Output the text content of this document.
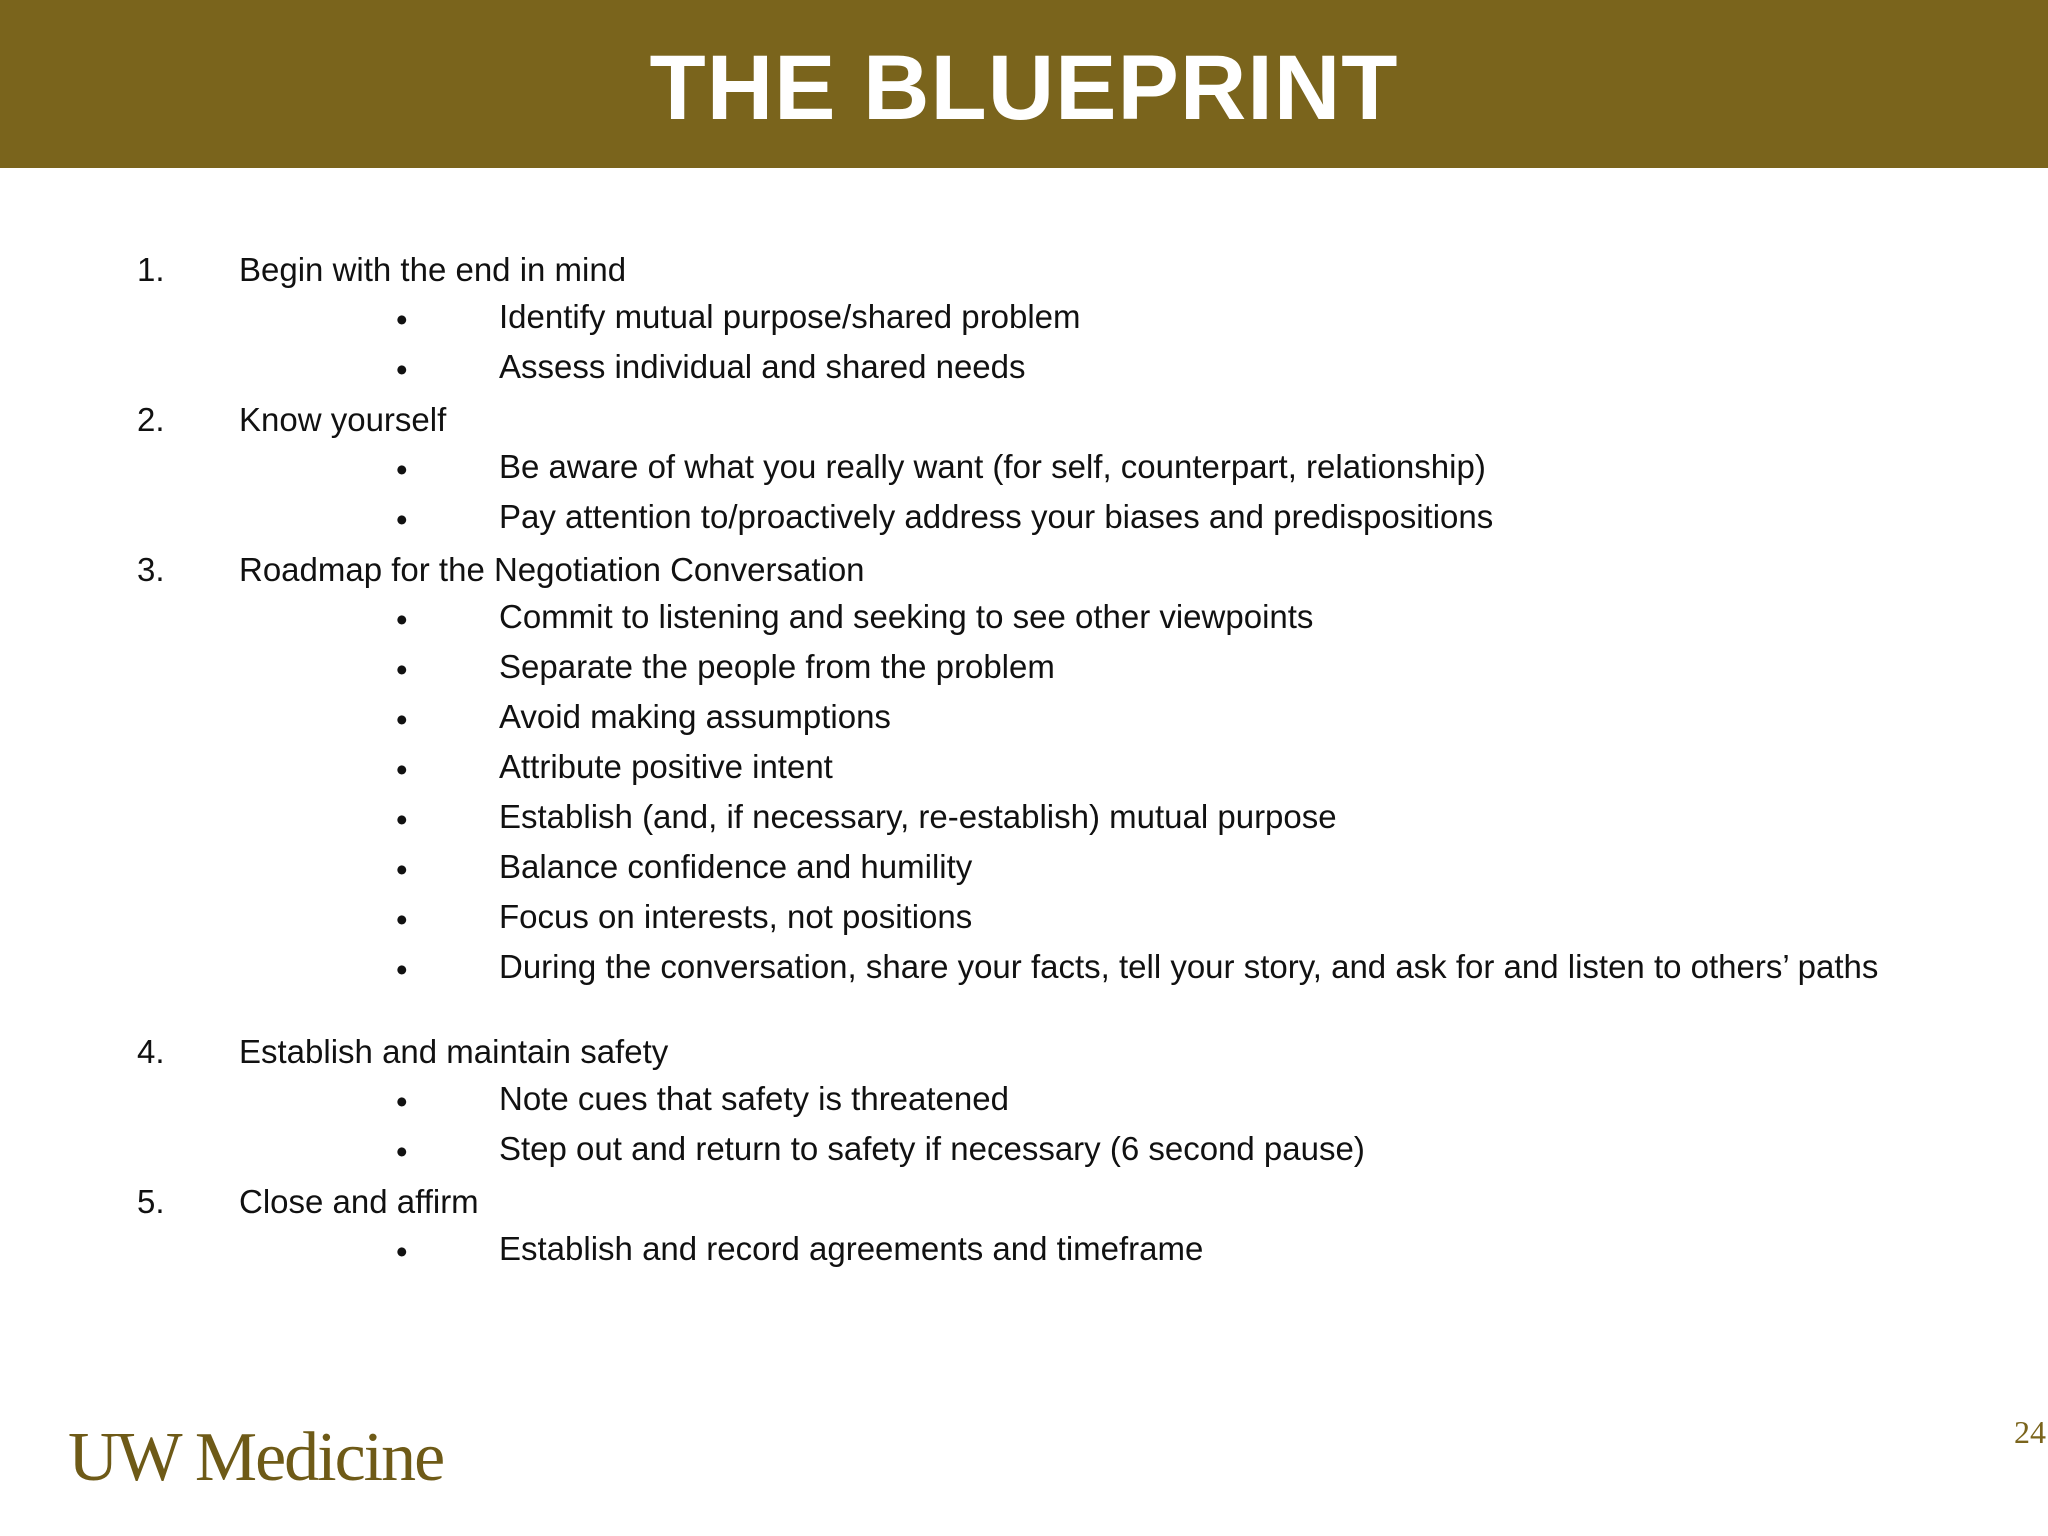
THE BLUEPRINT
1. Begin with the end in mind
•	Identify mutual purpose/shared problem
•	Assess individual and shared needs
2. Know yourself
•	Be aware of what you really want (for self, counterpart, relationship)
•	Pay attention to/proactively address your biases and predispositions
3. Roadmap for the Negotiation Conversation
•	Commit to listening and seeking to see other viewpoints
•	Separate the people from the problem
•	Avoid making assumptions
•	Attribute positive intent
•	Establish (and, if necessary, re-establish) mutual purpose
•	Balance confidence and humility
•	Focus on interests, not positions
•	During the conversation, share your facts, tell your story, and ask for and listen to others’ paths
4. Establish and maintain safety
•	Note cues that safety is threatened
•	Step out and return to safety if necessary (6 second pause)
5. Close and affirm
•	Establish and record agreements and timeframe
UW Medicine	24
